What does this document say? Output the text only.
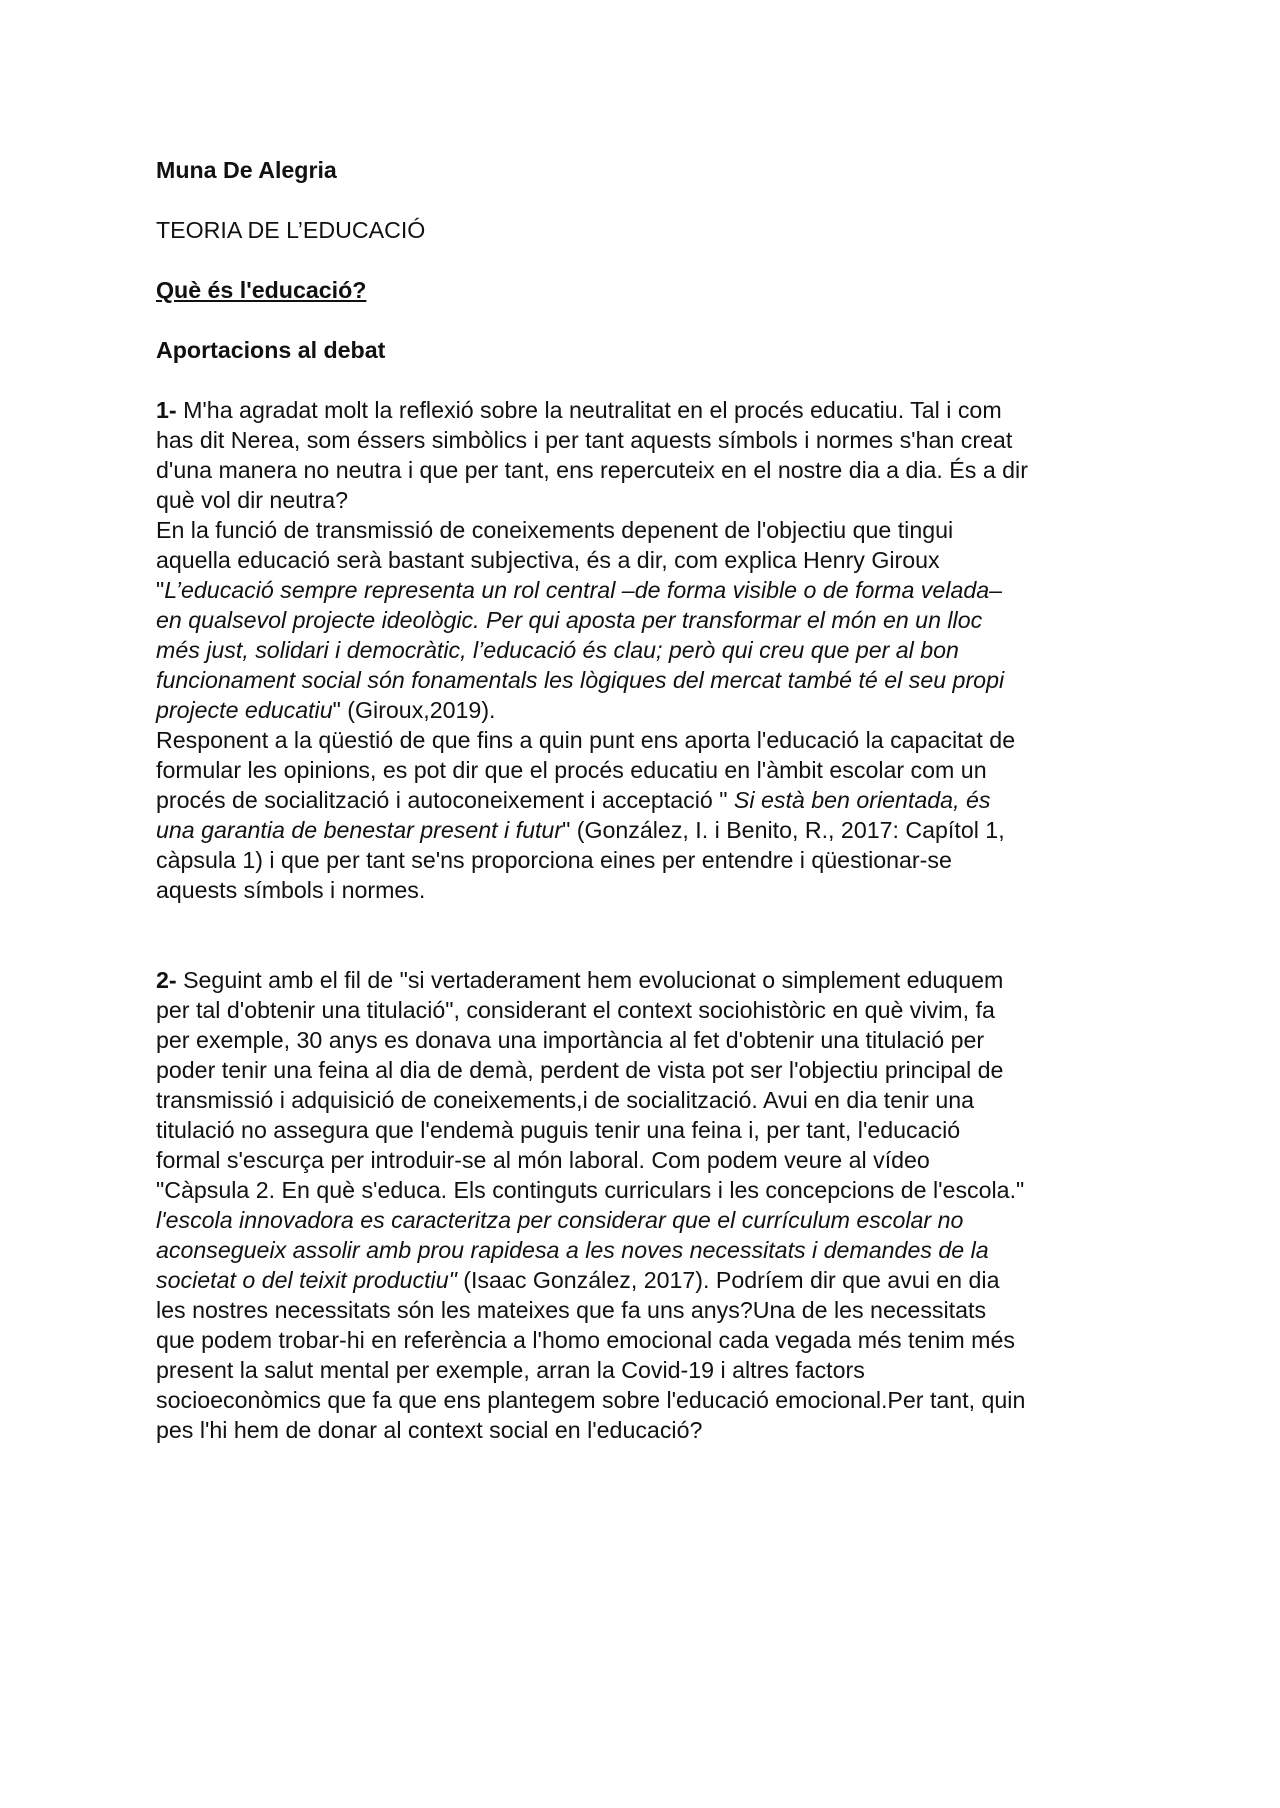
Muna De Alegria

TEORIA DE L’EDUCACIÓ

Què és l'educació?

Aportacions al debat

1- M'ha agradat molt la reflexió sobre la neutralitat en el procés educatiu. Tal i com

has dit Nerea, som éssers simbòlics i per tant aquests símbols i normes s'han creat

d'una manera no neutra i que per tant, ens repercuteix en el nostre dia a dia. És a dir

què vol dir neutra?

En la funció de transmissió de coneixements depenent de l'objectiu que tingui

aquella educació serà bastant subjectiva, és a dir, com explica Henry Giroux

"L’educació sempre representa un rol central –de forma visible o de forma velada–

en qualsevol projecte ideològic. Per qui aposta per transformar el món en un lloc

més just, solidari i democràtic, l’educació és clau; però qui creu que per al bon

funcionament social són fonamentals les lògiques del mercat també té el seu propi

projecte educatiu" (Giroux,2019).

Responent a la qüestió de que fins a quin punt ens aporta l'educació la capacitat de

formular les opinions, es pot dir que el procés educatiu en l'àmbit escolar com un

procés de socialització i autoconeixement i acceptació " Si està ben orientada, és

una garantia de benestar present i futur" (González, I. i Benito, R., 2017: Capítol 1,

càpsula 1) i que per tant se'ns proporciona eines per entendre i qüestionar-se

aquests símbols i normes.

2- Seguint amb el fil de "si vertaderament hem evolucionat o simplement eduquem

per tal d'obtenir una titulació", considerant el context sociohistòric en què vivim, fa

per exemple, 30 anys es donava una importància al fet d'obtenir una titulació per

poder tenir una feina al dia de demà, perdent de vista pot ser l'objectiu principal de

transmissió i adquisició de coneixements,i de socialització. Avui en dia tenir una

titulació no assegura que l'endemà puguis tenir una feina i, per tant, l'educació

formal s'escurça per introduir-se al món laboral. Com podem veure al vídeo

"Càpsula 2. En què s'educa. Els continguts curriculars i les concepcions de l'escola."

l'escola innovadora es caracteritza per considerar que el currículum escolar no

aconsegueix assolir amb prou rapidesa a les noves necessitats i demandes de la

societat o del teixit productiu" (Isaac González, 2017). Podríem dir que avui en dia

les nostres necessitats són les mateixes que fa uns anys?Una de les necessitats

que podem trobar-hi en referència a l'homo emocional cada vegada més tenim més

present la salut mental per exemple, arran la Covid-19 i altres factors

socioeconòmics que fa que ens plantegem sobre l'educació emocional.Per tant, quin

pes l'hi hem de donar al context social en l'educació?
